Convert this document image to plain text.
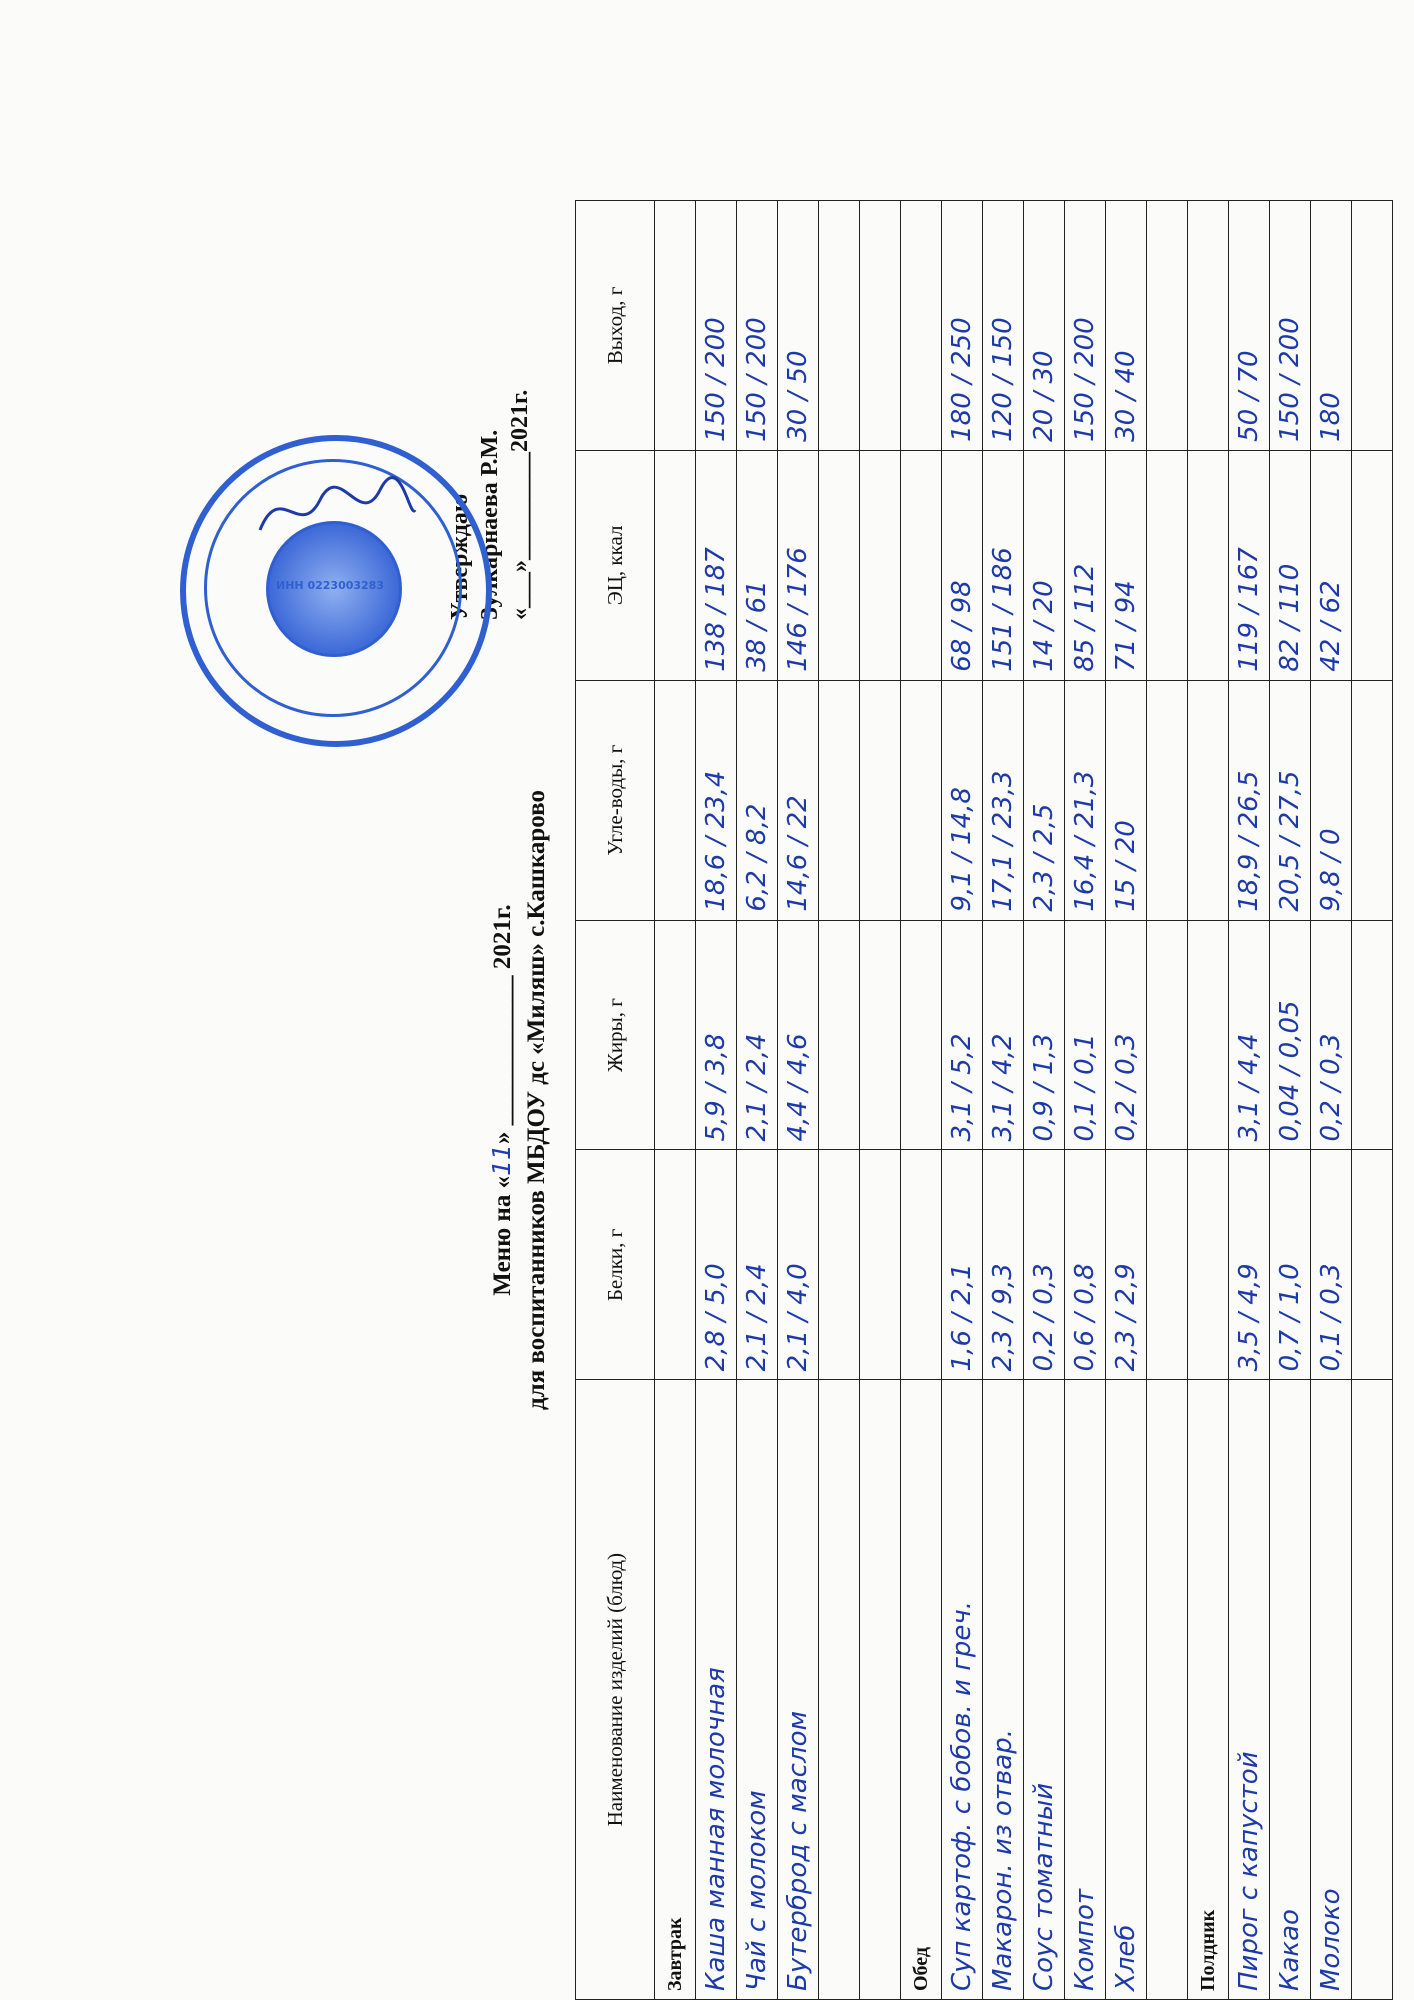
Меню на «11» ____________ 2021г. для воспитанников МБДОУ дс «Миляш» с.Кашкарово
Утверждаю Зулкарнаева Р.М. «___»_________2021г.
Наименование изделий (блюд)	Белки, г	Жиры, г	Угле-воды, г	ЭЦ, ккал	Выход, г
Завтрак					
Каша манная молочная	2,8 / 5,0	5,9 / 3,8	18,6 / 23,4	138 / 187	150 / 200
Чай с молоком	2,1 / 2,4	2,1 / 2,4	6,2 / 8,2	38 / 61	150 / 200
Бутерброд с маслом	2,1 / 4,0	4,4 / 4,6	14,6 / 22	146 / 176	30 / 50

Обед					
Суп картоф. с бобов. и греч.	1,6 / 2,1	3,1 / 5,2	9,1 / 14,8	68 / 98	180 / 250
Макарон. из отвар.	2,3 / 9,3	3,1 / 4,2	17,1 / 23,3	151 / 186	120 / 150
Соус томатный	0,2 / 0,3	0,9 / 1,3	2,3 / 2,5	14 / 20	20 / 30
Компот	0,6 / 0,8	0,1 / 0,1	16,4 / 21,3	85 / 112	150 / 200
Хлеб	2,3 / 2,9	0,2 / 0,3	15 / 20	71 / 94	30 / 40

Полдник					
Пирог с капустой	3,5 / 4,9	3,1 / 4,4	18,9 / 26,5	119 / 167	50 / 70
Какао	0,7 / 1,0	0,04 / 0,05	20,5 / 27,5	82 / 110	150 / 200
Молоко	0,1 / 0,3	0,2 / 0,3	9,8 / 0	42 / 62	180

ИНН 0223003283
